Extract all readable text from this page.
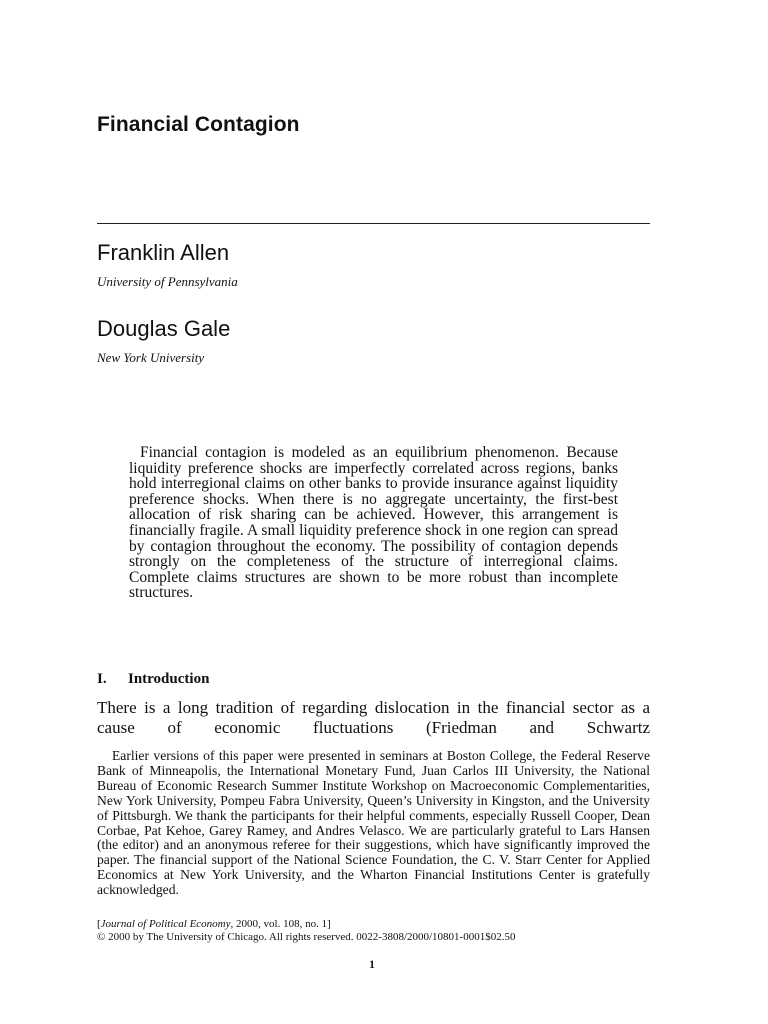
Financial Contagion
Franklin Allen
University of Pennsylvania
Douglas Gale
New York University

Financial contagion is modeled as an equilibrium phenomenon. Because liquidity preference shocks are imperfectly correlated across regions, banks hold interregional claims on other banks to provide insurance against liquidity preference shocks. When there is no aggregate uncertainty, the first-best allocation of risk sharing can be achieved. However, this arrangement is financially fragile. A small liquidity preference shock in one region can spread by contagion throughout the economy. The possibility of contagion depends strongly on the completeness of the structure of interregional claims. Complete claims structures are shown to be more robust than incomplete structures.

I. Introduction

There is a long tradition of regarding dislocation in the financial sector as a cause of economic fluctuations (Friedman and Schwartz

Earlier versions of this paper were presented in seminars at Boston College, the Federal Reserve Bank of Minneapolis, the International Monetary Fund, Juan Carlos III University, the National Bureau of Economic Research Summer Institute Workshop on Macroeconomic Complementarities, New York University, Pompeu Fabra University, Queen’s University in Kingston, and the University of Pittsburgh. We thank the participants for their helpful comments, especially Russell Cooper, Dean Corbae, Pat Kehoe, Garey Ramey, and Andres Velasco. We are particularly grateful to Lars Hansen (the editor) and an anonymous referee for their suggestions, which have significantly improved the paper. The financial support of the National Science Foundation, the C. V. Starr Center for Applied Economics at New York University, and the Wharton Financial Institutions Center is gratefully acknowledged.

[Journal of Political Economy, 2000, vol. 108, no. 1]
© 2000 by The University of Chicago. All rights reserved. 0022-3808/2000/10801-0001$02.50
1
